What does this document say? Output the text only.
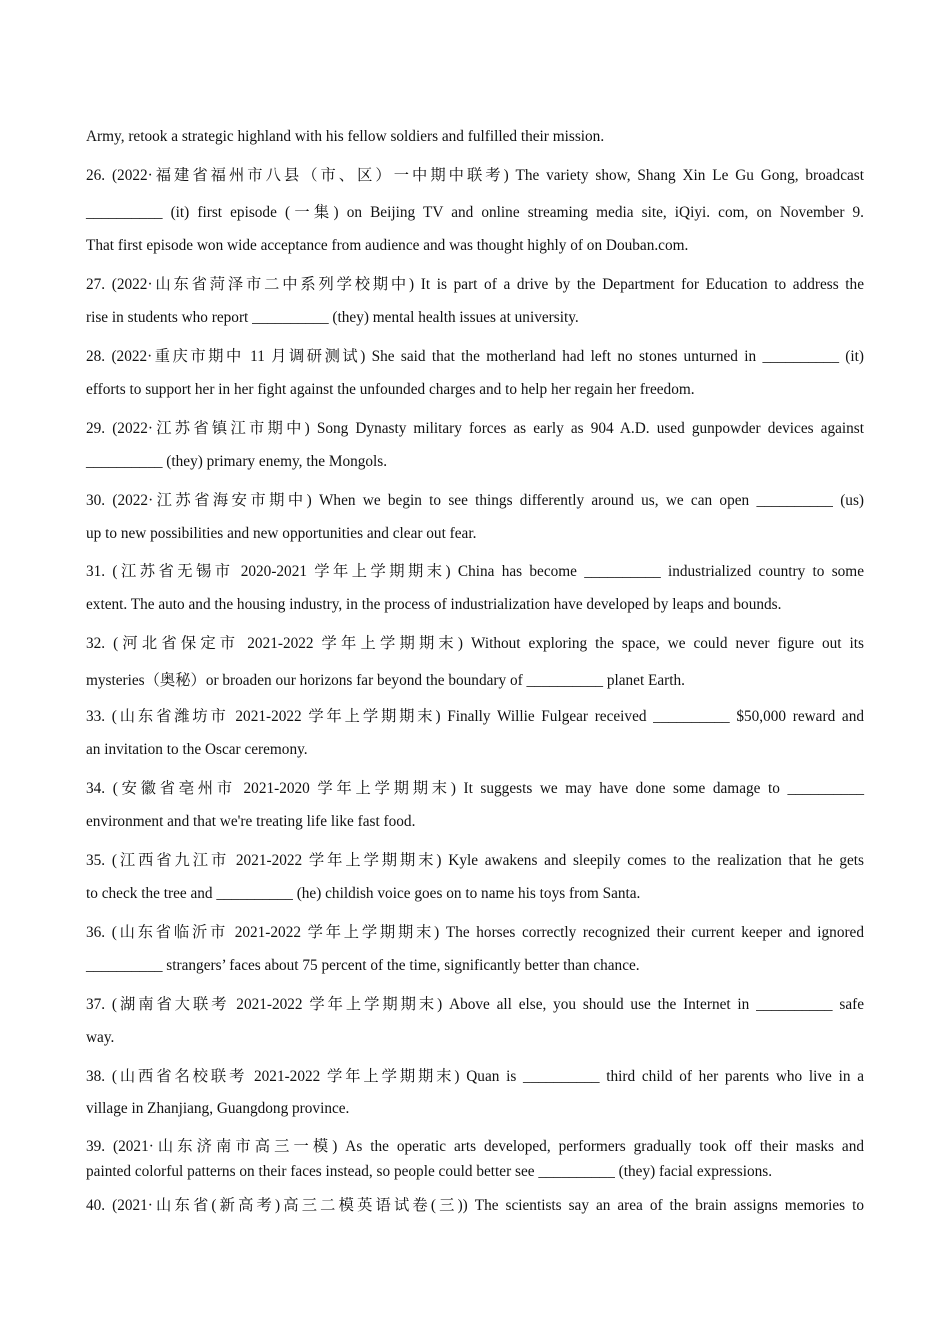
Army, retook a strategic highland with his fellow soldiers and fulfilled their mission.
26. (2022·福建省福州市八县（市、区）一中期中联考) The variety show, Shang Xin Le Gu Gong, broadcast
__________ (it) first episode (一集) on Beijing TV and online streaming media site, iQiyi. com, on November 9.
That first episode won wide acceptance from audience and was thought highly of on Douban.com.
27. (2022·山东省菏泽市二中系列学校期中) It is part of a drive by the Department for Education to address the
rise in students who report __________ (they) mental health issues at university.
28. (2022·重庆市期中 11 月调研测试) She said that the motherland had left no stones unturned in __________ (it)
efforts to support her in her fight against the unfounded charges and to help her regain her freedom.
29. (2022·江苏省镇江市期中) Song Dynasty military forces as early as 904 A.D. used gunpowder devices against
__________ (they) primary enemy, the Mongols.
30. (2022·江苏省海安市期中) When we begin to see things differently around us, we can open __________ (us)
up to new possibilities and new opportunities and clear out fear.
31. (江苏省无锡市 2020-2021 学年上学期期末) China has become __________ industrialized country to some
extent. The auto and the housing industry, in the process of industrialization have developed by leaps and bounds.
32. (河北省保定市 2021-2022 学年上学期期末) Without exploring the space, we could never figure out its
mysteries（奥秘）or broaden our horizons far beyond the boundary of __________ planet Earth.
33. (山东省潍坊市 2021-2022 学年上学期期末) Finally Willie Fulgear received __________ $50,000 reward and
an invitation to the Oscar ceremony.
34. (安徽省亳州市 2021-2020 学年上学期期末) It suggests we may have done some damage to __________
environment and that we're treating life like fast food.
35. (江西省九江市 2021-2022 学年上学期期末) Kyle awakens and sleepily comes to the realization that he gets
to check the tree and __________ (he) childish voice goes on to name his toys from Santa.
36. (山东省临沂市 2021-2022 学年上学期期末) The horses correctly recognized their current keeper and ignored
__________ strangers’ faces about 75 percent of the time, significantly better than chance.
37. (湖南省大联考 2021-2022 学年上学期期末) Above all else, you should use the Internet in __________ safe
way.
38. (山西省名校联考 2021-2022 学年上学期期末) Quan is __________ third child of her parents who live in a
village in Zhanjiang, Guangdong province.
39. (2021·山东济南市高三一模) As the operatic arts developed, performers gradually took off their masks and
painted colorful patterns on their faces instead, so people could better see __________ (they) facial expressions.
40. (2021·山东省(新高考)高三二模英语试卷(三)) The scientists say an area of the brain assigns memories to
